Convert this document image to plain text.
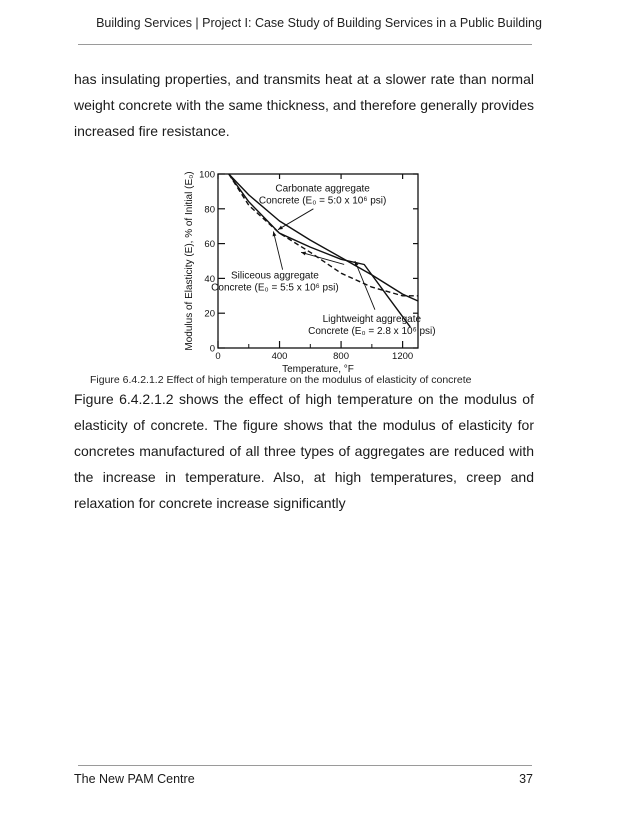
Building Services | Project I: Case Study of Building Services in a Public Building

has insulating properties, and transmits heat at a slower rate than normal weight concrete with the same thickness, and therefore generally provides increased fire resistance.

0
20
40
60
80
100
0	400	800	1200
Temperature, °F
Modulus of Elasticity (E), % of Initial (E₀)	Carbonate aggregate
Concrete (E₀ = 5:0 x 10⁶ psi)
Siliceous aggregate
Concrete (E₀ = 5:5 x 10⁶ psi)
Lightweight aggregate
Concrete (E₀ = 2.8 x 10⁶ psi)
Figure 6.4.2.1.2 Effect of high temperature on the modulus of elasticity of concrete

Figure 6.4.2.1.2 shows the effect of high temperature on the modulus of elasticity of concrete. The figure shows that the modulus of elasticity for concretes manufactured of all three types of aggregates are reduced with the increase in temperature. Also, at high temperatures, creep and relaxation for concrete increase significantly

The New PAM Centre	37
